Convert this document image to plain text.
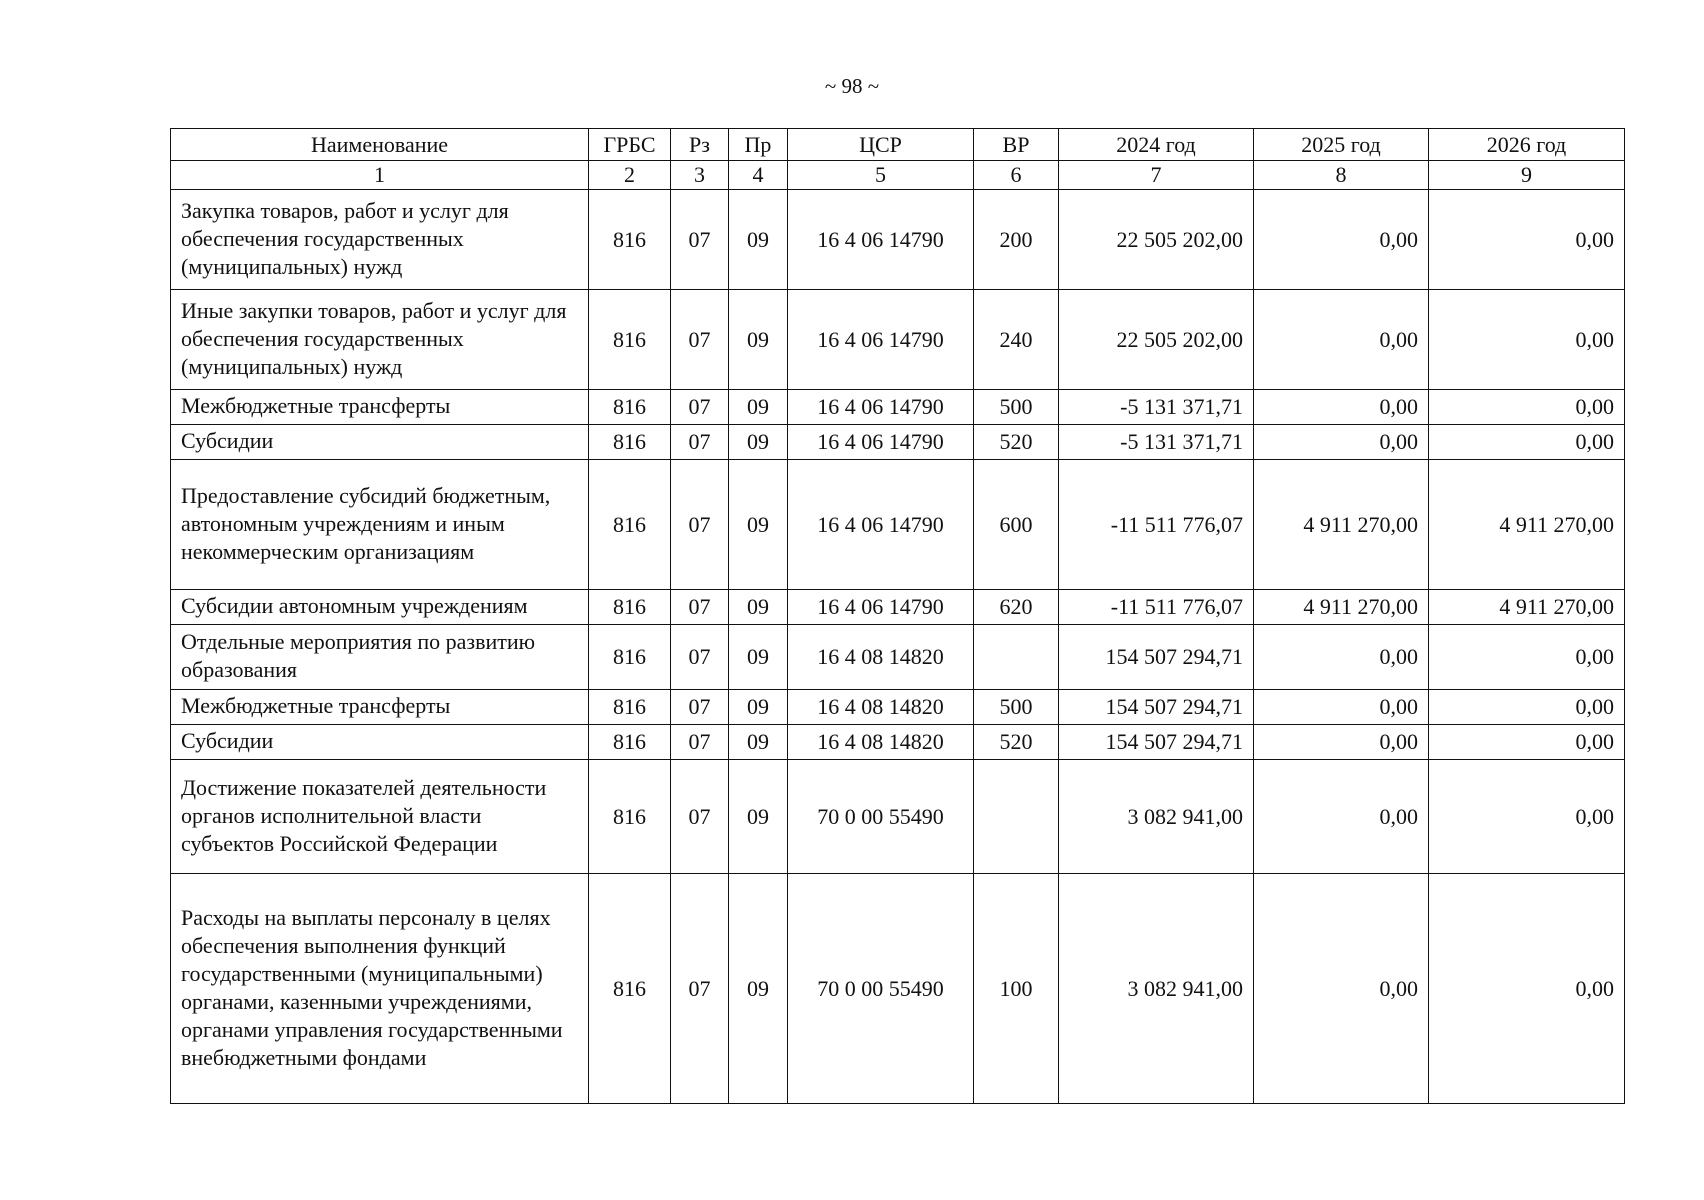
~ 98 ~
Наименование	ГРБС	Рз	Пр	ЦСР	ВР	2024 год	2025 год	2026 год
1	2	3	4	5	6	7	8	9
Закупка товаров, работ и услуг для обеспечения государственных (муниципальных) нужд	816	07	09	16 4 06 14790	200	22 505 202,00	0,00	0,00
Иные закупки товаров, работ и услуг для обеспечения государственных (муниципальных) нужд	816	07	09	16 4 06 14790	240	22 505 202,00	0,00	0,00
Межбюджетные трансферты	816	07	09	16 4 06 14790	500	-5 131 371,71	0,00	0,00
Субсидии	816	07	09	16 4 06 14790	520	-5 131 371,71	0,00	0,00
Предоставление субсидий бюджетным, автономным учреждениям и иным некоммерческим организациям	816	07	09	16 4 06 14790	600	-11 511 776,07	4 911 270,00	4 911 270,00
Субсидии автономным учреждениям	816	07	09	16 4 06 14790	620	-11 511 776,07	4 911 270,00	4 911 270,00
Отдельные мероприятия по развитию образования	816	07	09	16 4 08 14820		154 507 294,71	0,00	0,00
Межбюджетные трансферты	816	07	09	16 4 08 14820	500	154 507 294,71	0,00	0,00
Субсидии	816	07	09	16 4 08 14820	520	154 507 294,71	0,00	0,00
Достижение показателей деятельности органов исполнительной власти субъектов Российской Федерации	816	07	09	70 0 00 55490		3 082 941,00	0,00	0,00
Расходы на выплаты персоналу в целях обеспечения выполнения функций государственными (муниципальными) органами, казенными учреждениями, органами управления государственными внебюджетными фондами	816	07	09	70 0 00 55490	100	3 082 941,00	0,00	0,00
